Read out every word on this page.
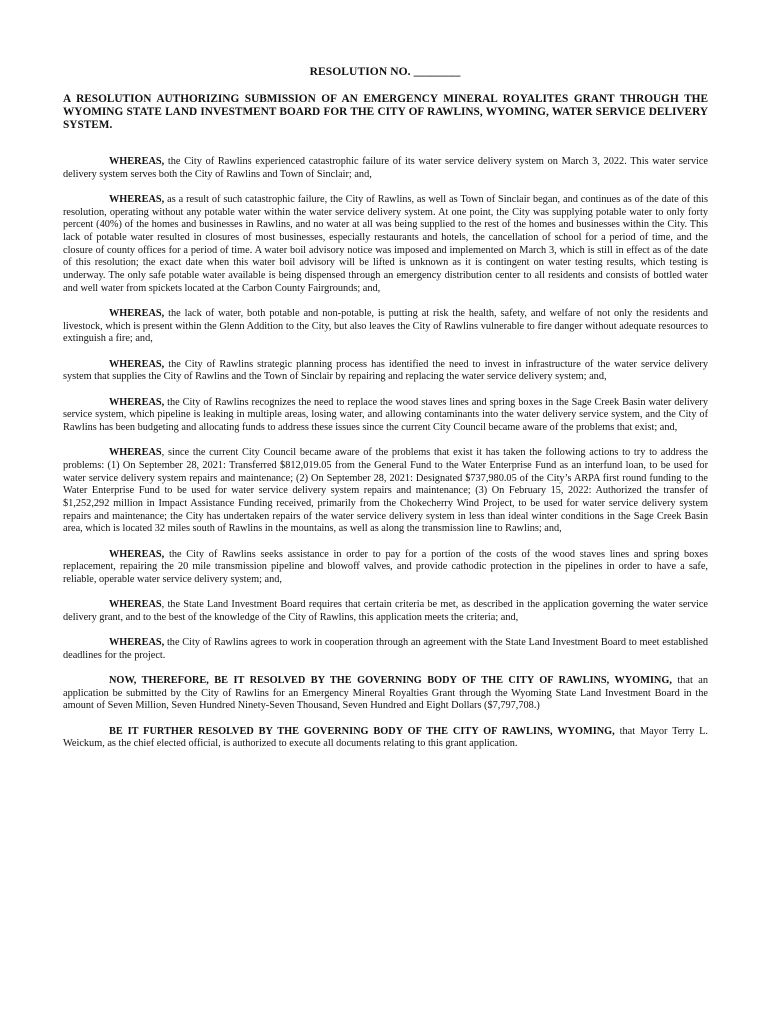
RESOLUTION NO. ________
A RESOLUTION AUTHORIZING SUBMISSION OF AN EMERGENCY MINERAL ROYALITES GRANT THROUGH THE WYOMING STATE LAND INVESTMENT BOARD FOR THE CITY OF RAWLINS, WYOMING, WATER SERVICE DELIVERY SYSTEM.

WHEREAS, the City of Rawlins experienced catastrophic failure of its water service delivery system on March 3, 2022. This water service delivery system serves both the City of Rawlins and Town of Sinclair; and,

WHEREAS, as a result of such catastrophic failure, the City of Rawlins, as well as Town of Sinclair began, and continues as of the date of this resolution, operating without any potable water within the water service delivery system. At one point, the City was supplying potable water to only forty percent (40%) of the homes and businesses in Rawlins, and no water at all was being supplied to the rest of the homes and businesses within the City. This lack of potable water resulted in closures of most businesses, especially restaurants and hotels, the cancellation of school for a period of time, and the closure of county offices for a period of time. A water boil advisory notice was imposed and implemented on March 3, which is still in effect as of the date of this resolution; the exact date when this water boil advisory will be lifted is unknown as it is contingent on water testing results, which testing is underway. The only safe potable water available is being dispensed through an emergency distribution center to all residents and consists of bottled water and well water from spickets located at the Carbon County Fairgrounds; and,

WHEREAS, the lack of water, both potable and non-potable, is putting at risk the health, safety, and welfare of not only the residents and livestock, which is present within the Glenn Addition to the City, but also leaves the City of Rawlins vulnerable to fire danger without adequate resources to extinguish a fire; and,

WHEREAS, the City of Rawlins strategic planning process has identified the need to invest in infrastructure of the water service delivery system that supplies the City of Rawlins and the Town of Sinclair by repairing and replacing the water service delivery system; and,

WHEREAS, the City of Rawlins recognizes the need to replace the wood staves lines and spring boxes in the Sage Creek Basin water delivery service system, which pipeline is leaking in multiple areas, losing water, and allowing contaminants into the water delivery service system, and the City of Rawlins has been budgeting and allocating funds to address these issues since the current City Council became aware of the problems that exist; and,

WHEREAS, since the current City Council became aware of the problems that exist it has taken the following actions to try to address the problems: (1) On September 28, 2021: Transferred $812,019.05 from the General Fund to the Water Enterprise Fund as an interfund loan, to be used for water service delivery system repairs and maintenance; (2) On September 28, 2021: Designated $737,980.05 of the City’s ARPA first round funding to the Water Enterprise Fund to be used for water service delivery system repairs and maintenance; (3) On February 15, 2022: Authorized the transfer of $1,252,292 million in Impact Assistance Funding received, primarily from the Chokecherry Wind Project, to be used for water service delivery system repairs and maintenance; the City has undertaken repairs of the water service delivery system in less than ideal winter conditions in the Sage Creek Basin area, which is located 32 miles south of Rawlins in the mountains, as well as along the transmission line to Rawlins; and,

WHEREAS, the City of Rawlins seeks assistance in order to pay for a portion of the costs of the wood staves lines and spring boxes replacement, repairing the 20 mile transmission pipeline and blowoff valves, and provide cathodic protection in the pipelines in order to have a safe, reliable, operable water service delivery system; and,

WHEREAS, the State Land Investment Board requires that certain criteria be met, as described in the application governing the water service delivery grant, and to the best of the knowledge of the City of Rawlins, this application meets the criteria; and,

WHEREAS, the City of Rawlins agrees to work in cooperation through an agreement with the State Land Investment Board to meet established deadlines for the project.

NOW, THEREFORE, BE IT RESOLVED BY THE GOVERNING BODY OF THE CITY OF RAWLINS, WYOMING, that an application be submitted by the City of Rawlins for an Emergency Mineral Royalties Grant through the Wyoming State Land Investment Board in the amount of Seven Million, Seven Hundred Ninety-Seven Thousand, Seven Hundred and Eight Dollars ($7,797,708.)

BE IT FURTHER RESOLVED BY THE GOVERNING BODY OF THE CITY OF RAWLINS, WYOMING, that Mayor Terry L. Weickum, as the chief elected official, is authorized to execute all documents relating to this grant application.
